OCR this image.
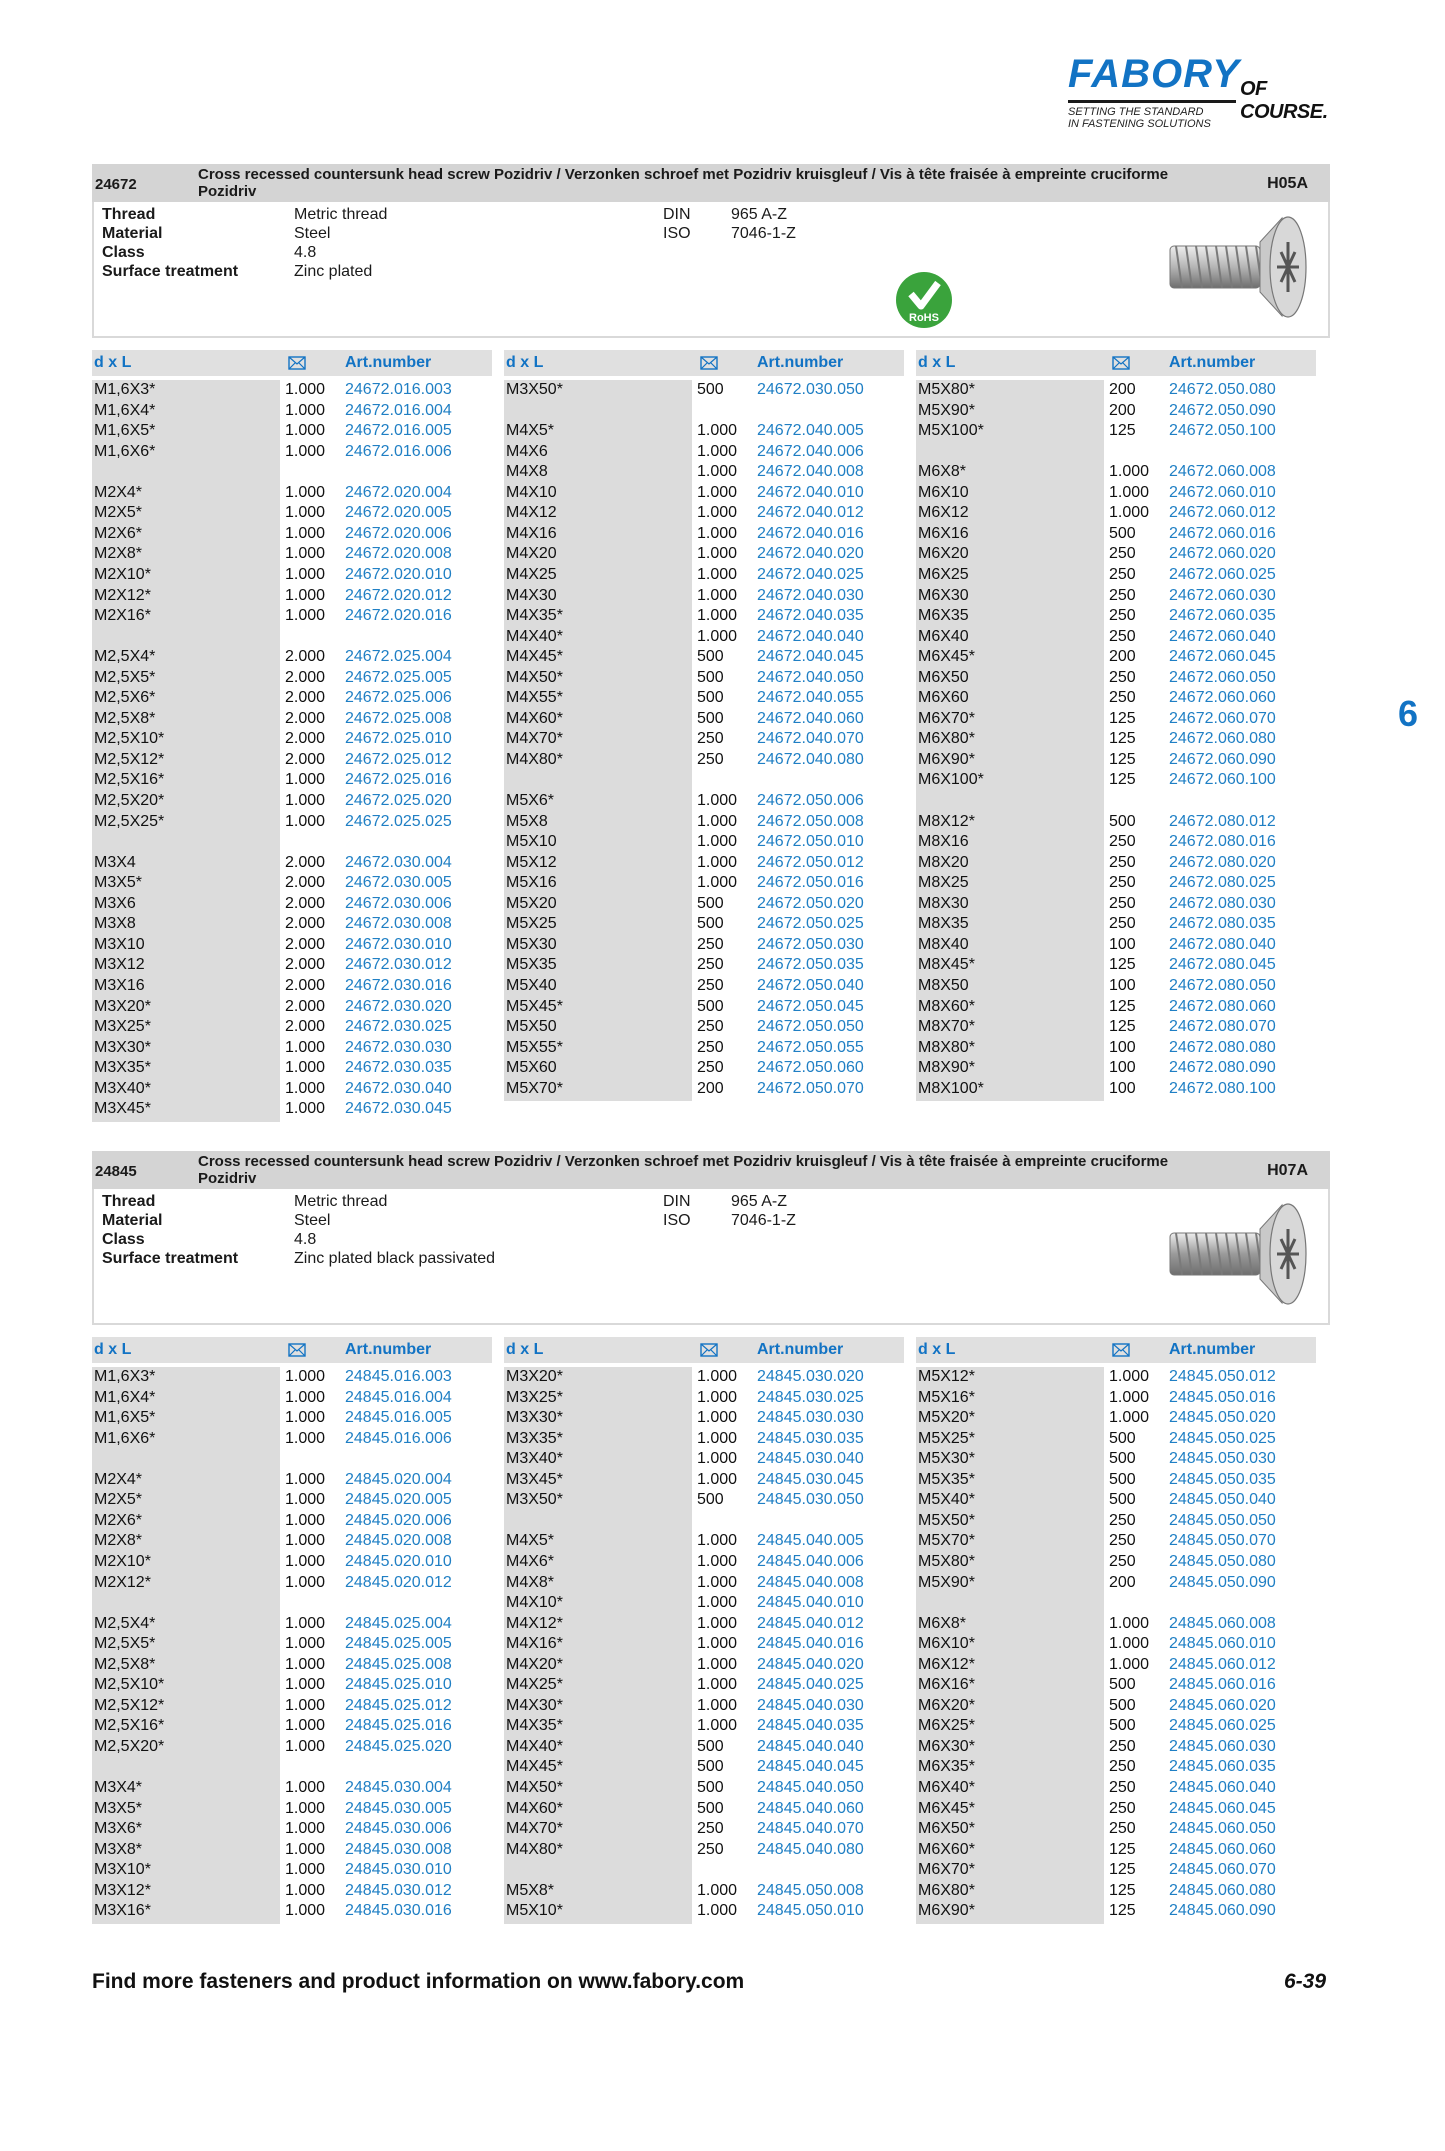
FABORY OF COURSE.
SETTING THE STANDARD
IN FASTENING SOLUTIONS
24672
Cross recessed countersunk head screw Pozidriv / Verzonken schroef met Pozidriv kruisgleuf / Vis à tête fraisée à empreinte cruciforme Pozidriv	H05A
Thread	Metric thread
Material	Steel
Class	4.8
Surface treatment	Zinc plated
DIN	965 A-Z
ISO	7046-1-Z
RoHS
d x L	Art.number
M1,6X3*	1.000 24672.016.003
M1,6X4*	1.000 24672.016.004
M1,6X5*	1.000 24672.016.005
M1,6X6*	1.000 24672.016.006
M2X4*	1.000 24672.020.004
M2X5*	1.000 24672.020.005
M2X6*	1.000 24672.020.006
M2X8*	1.000 24672.020.008
M2X10*	1.000 24672.020.010
M2X12*	1.000 24672.020.012
M2X16*	1.000 24672.020.016
M2,5X4*	2.000 24672.025.004
M2,5X5*	2.000 24672.025.005
M2,5X6*	2.000 24672.025.006
M2,5X8*	2.000 24672.025.008
M2,5X10*	2.000 24672.025.010
M2,5X12*	2.000 24672.025.012
M2,5X16*	1.000 24672.025.016
M2,5X20*	1.000 24672.025.020
M2,5X25*	1.000 24672.025.025
M3X4	2.000 24672.030.004
M3X5*	2.000 24672.030.005
M3X6	2.000 24672.030.006
M3X8	2.000 24672.030.008
M3X10	2.000 24672.030.010
M3X12	2.000 24672.030.012
M3X16	2.000 24672.030.016
M3X20*	2.000 24672.030.020
M3X25*	2.000 24672.030.025
M3X30*	1.000 24672.030.030
M3X35*	1.000 24672.030.035
M3X40*	1.000 24672.030.040
M3X45*	1.000 24672.030.045
d x L	Art.number
M3X50*	500 24672.030.050
M4X5*	1.000 24672.040.005
M4X6	1.000 24672.040.006
M4X8	1.000 24672.040.008
M4X10	1.000 24672.040.010
M4X12	1.000 24672.040.012
M4X16	1.000 24672.040.016
M4X20	1.000 24672.040.020
M4X25	1.000 24672.040.025
M4X30	1.000 24672.040.030
M4X35*	1.000 24672.040.035
M4X40*	1.000 24672.040.040
M4X45*	500 24672.040.045
M4X50*	500 24672.040.050
M4X55*	500 24672.040.055
M4X60*	500 24672.040.060
M4X70*	250 24672.040.070
M4X80*	250 24672.040.080
M5X6*	1.000 24672.050.006
M5X8	1.000 24672.050.008
M5X10	1.000 24672.050.010
M5X12	1.000 24672.050.012
M5X16	1.000 24672.050.016
M5X20	500 24672.050.020
M5X25	500 24672.050.025
M5X30	250 24672.050.030
M5X35	250 24672.050.035
M5X40	250 24672.050.040
M5X45*	500 24672.050.045
M5X50	250 24672.050.050
M5X55*	250 24672.050.055
M5X60	250 24672.050.060
M5X70*	200 24672.050.070
d x L	Art.number
M5X80*	200 24672.050.080
M5X90*	200 24672.050.090
M5X100*	125 24672.050.100
M6X8*	1.000 24672.060.008
M6X10	1.000 24672.060.010
M6X12	1.000 24672.060.012
M6X16	500 24672.060.016
M6X20	250 24672.060.020
M6X25	250 24672.060.025
M6X30	250 24672.060.030
M6X35	250 24672.060.035
M6X40	250 24672.060.040
M6X45*	200 24672.060.045
M6X50	250 24672.060.050
M6X60	250 24672.060.060
M6X70*	125 24672.060.070
M6X80*	125 24672.060.080
M6X90*	125 24672.060.090
M6X100*	125 24672.060.100
M8X12*	500 24672.080.012
M8X16	250 24672.080.016
M8X20	250 24672.080.020
M8X25	250 24672.080.025
M8X30	250 24672.080.030
M8X35	250 24672.080.035
M8X40	100 24672.080.040
M8X45*	125 24672.080.045
M8X50	100 24672.080.050
M8X60*	125 24672.080.060
M8X70*	125 24672.080.070
M8X80*	100 24672.080.080
M8X90*	100 24672.080.090
M8X100*	100 24672.080.100
24845
Cross recessed countersunk head screw Pozidriv / Verzonken schroef met Pozidriv kruisgleuf / Vis à tête fraisée à empreinte cruciforme Pozidriv	H07A
Thread	Metric thread
Material	Steel
Class	4.8
Surface treatment	Zinc plated black passivated
DIN	965 A-Z
ISO	7046-1-Z
d x L	Art.number
M1,6X3*	1.000 24845.016.003
M1,6X4*	1.000 24845.016.004
M1,6X5*	1.000 24845.016.005
M1,6X6*	1.000 24845.016.006
M2X4*	1.000 24845.020.004
M2X5*	1.000 24845.020.005
M2X6*	1.000 24845.020.006
M2X8*	1.000 24845.020.008
M2X10*	1.000 24845.020.010
M2X12*	1.000 24845.020.012
M2,5X4*	1.000 24845.025.004
M2,5X5*	1.000 24845.025.005
M2,5X8*	1.000 24845.025.008
M2,5X10*	1.000 24845.025.010
M2,5X12*	1.000 24845.025.012
M2,5X16*	1.000 24845.025.016
M2,5X20*	1.000 24845.025.020
M3X4*	1.000 24845.030.004
M3X5*	1.000 24845.030.005
M3X6*	1.000 24845.030.006
M3X8*	1.000 24845.030.008
M3X10*	1.000 24845.030.010
M3X12*	1.000 24845.030.012
M3X16*	1.000 24845.030.016
d x L	Art.number
M3X20*	1.000 24845.030.020
M3X25*	1.000 24845.030.025
M3X30*	1.000 24845.030.030
M3X35*	1.000 24845.030.035
M3X40*	1.000 24845.030.040
M3X45*	1.000 24845.030.045
M3X50*	500 24845.030.050
M4X5*	1.000 24845.040.005
M4X6*	1.000 24845.040.006
M4X8*	1.000 24845.040.008
M4X10*	1.000 24845.040.010
M4X12*	1.000 24845.040.012
M4X16*	1.000 24845.040.016
M4X20*	1.000 24845.040.020
M4X25*	1.000 24845.040.025
M4X30*	1.000 24845.040.030
M4X35*	1.000 24845.040.035
M4X40*	500 24845.040.040
M4X45*	500 24845.040.045
M4X50*	500 24845.040.050
M4X60*	500 24845.040.060
M4X70*	250 24845.040.070
M4X80*	250 24845.040.080
M5X8*	1.000 24845.050.008
M5X10*	1.000 24845.050.010
d x L	Art.number
M5X12*	1.000 24845.050.012
M5X16*	1.000 24845.050.016
M5X20*	1.000 24845.050.020
M5X25*	500 24845.050.025
M5X30*	500 24845.050.030
M5X35*	500 24845.050.035
M5X40*	500 24845.050.040
M5X50*	250 24845.050.050
M5X70*	250 24845.050.070
M5X80*	250 24845.050.080
M5X90*	200 24845.050.090
M6X8*	1.000 24845.060.008
M6X10*	1.000 24845.060.010
M6X12*	1.000 24845.060.012
M6X16*	500 24845.060.016
M6X20*	500 24845.060.020
M6X25*	500 24845.060.025
M6X30*	250 24845.060.030
M6X35*	250 24845.060.035
M6X40*	250 24845.060.040
M6X45*	250 24845.060.045
M6X50*	250 24845.060.050
M6X60*	125 24845.060.060
M6X70*	125 24845.060.070
M6X80*	125 24845.060.080
M6X90*	125 24845.060.090
6
Find more fasteners and product information on www.fabory.com	6-39
